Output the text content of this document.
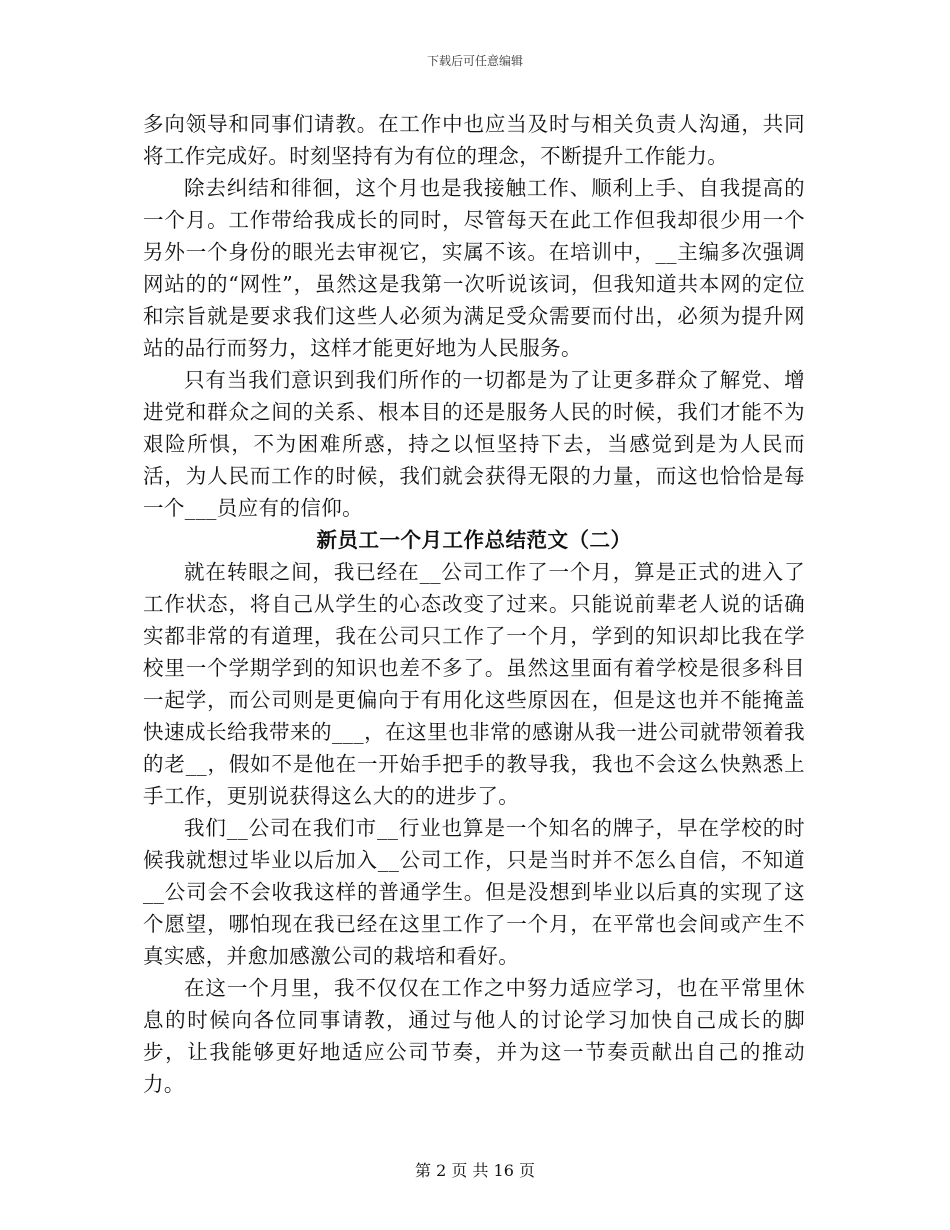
下载后可任意编辑

多向领导和同事们请教。在工作中也应当及时与相关负责人沟通，共同将工作完成好。时刻坚持有为有位的理念，不断提升工作能力。

除去纠结和徘徊，这个月也是我接触工作、顺利上手、自我提高的一个月。工作带给我成长的同时，尽管每天在此工作但我却很少用一个另外一个身份的眼光去审视它，实属不该。在培训中，__主编多次强调网站的的“网性”，虽然这是我第一次听说该词，但我知道共本网的定位和宗旨就是要求我们这些人必须为满足受众需要而付出，必须为提升网站的品行而努力，这样才能更好地为人民服务。

只有当我们意识到我们所作的一切都是为了让更多群众了解党、增进党和群众之间的关系、根本目的还是服务人民的时候，我们才能不为艰险所惧，不为困难所惑，持之以恒坚持下去，当感觉到是为人民而活，为人民而工作的时候，我们就会获得无限的力量，而这也恰恰是每一个___员应有的信仰。

新员工一个月工作总结范文（二）

就在转眼之间，我已经在__公司工作了一个月，算是正式的进入了工作状态，将自己从学生的心态改变了过来。只能说前辈老人说的话确实都非常的有道理，我在公司只工作了一个月，学到的知识却比我在学校里一个学期学到的知识也差不多了。虽然这里面有着学校是很多科目一起学，而公司则是更偏向于有用化这些原因在，但是这也并不能掩盖快速成长给我带来的___，在这里也非常的感谢从我一进公司就带领着我的老__，假如不是他在一开始手把手的教导我，我也不会这么快熟悉上手工作，更别说获得这么大的的进步了。

我们__公司在我们市__行业也算是一个知名的牌子，早在学校的时候我就想过毕业以后加入__公司工作，只是当时并不怎么自信，不知道__公司会不会收我这样的普通学生。但是没想到毕业以后真的实现了这个愿望，哪怕现在我已经在这里工作了一个月，在平常也会间或产生不真实感，并愈加感激公司的栽培和看好。

在这一个月里，我不仅仅在工作之中努力适应学习，也在平常里休息的时候向各位同事请教，通过与他人的讨论学习加快自己成长的脚步，让我能够更好地适应公司节奏，并为这一节奏贡献出自己的推动力。

第 2 页 共 16 页
